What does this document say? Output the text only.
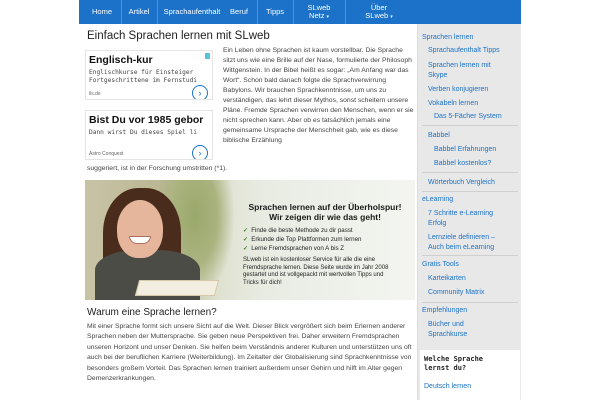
Home	Artikel	Sprachaufenthalt	Beruf	Tipps	SLweb
Netz ▾
Über
SLweb ▾
Einfach Sprachen lernen mit SLweb
Englisch-kur
Englischkurse für Einsteiger
Fortgeschrittene im Fernstudi
ils.de	›
Bist Du vor 1985 gebor
Dann wirst Du dieses Spiel li
Astro Conquest	›
Ein Leben ohne Sprachen ist kaum vorstellbar. Die Sprache sitzt uns wie eine Brille auf der Nase, formulierte der Philosoph Wittgenstein. In der Bibel heißt es sogar: „Am Anfang war das Wort“. Schon bald danach folgte die Sprachverwirrung Babylons. Wir brauchen Sprachkenntnisse, um uns zu verständigen, das lehrt dieser Mythos, sonst scheitern unsere Pläne. Fremde Sprachen verwirren den Menschen, wenn er sie nicht sprechen kann. Aber ob es tatsächlich jemals eine gemeinsame Ursprache der Menschheit gab, wie es diese biblische Erzählung
suggeriert, ist in der Forschung umstritten (*1).
Sprachen lernen auf der Überholspur!
Wir zeigen dir wie das geht!
✓ Finde die beste Methode zu dir passt
✓ Erkunde die Top Plattformen zum lernen
✓ Lerne Fremdsprachen von A bis Z
SLweb ist ein kostenloser Service für alle die eine Fremdsprache lernen. Diese Seite wurde im Jahr 2008 gestartet und ist vollgepackt mit wertvollen Tipps und Tricks für dich!
Warum eine Sprache lernen?
Mit einer Sprache formt sich unsere Sicht auf die Welt. Dieser Blick vergrößert sich beim Erlernen anderer Sprachen neben der Muttersprache. Sie geben neue Perspektiven frei. Daher erweitern Fremdsprachen unseren Horizont und unser Denken. Sie helfen beim Verständnis anderer Kulturen und unterstützen uns oft auch bei der beruflichen Karriere (Weiterbildung). Im Zeitalter der Globalisierung sind Sprachkenntnisse von besonders großem Vorteil. Das Sprachen lernen trainiert außerdem unser Gehirn und hilft im Alter gegen Demenzerkrankungen.
Sprachen lernen
Sprachaufenthalt Tipps
Sprachen lernen mit
Skype
Verben konjugieren
Vokabeln lernen
Das 5-Fächer System
Babbel
Babbel Erfahrungen
Babbel kostenlos?
Wörterbuch Vergleich
eLearning
7 Schritte e-Learning
Erfolg
Lernziele definieren –
Auch beim eLearning
Gratis Tools
Karteikarten
Community Matrix
Empfehlungen
Bücher und
Sprachkurse
Welche Sprache
lernst du?
Deutsch lernen
